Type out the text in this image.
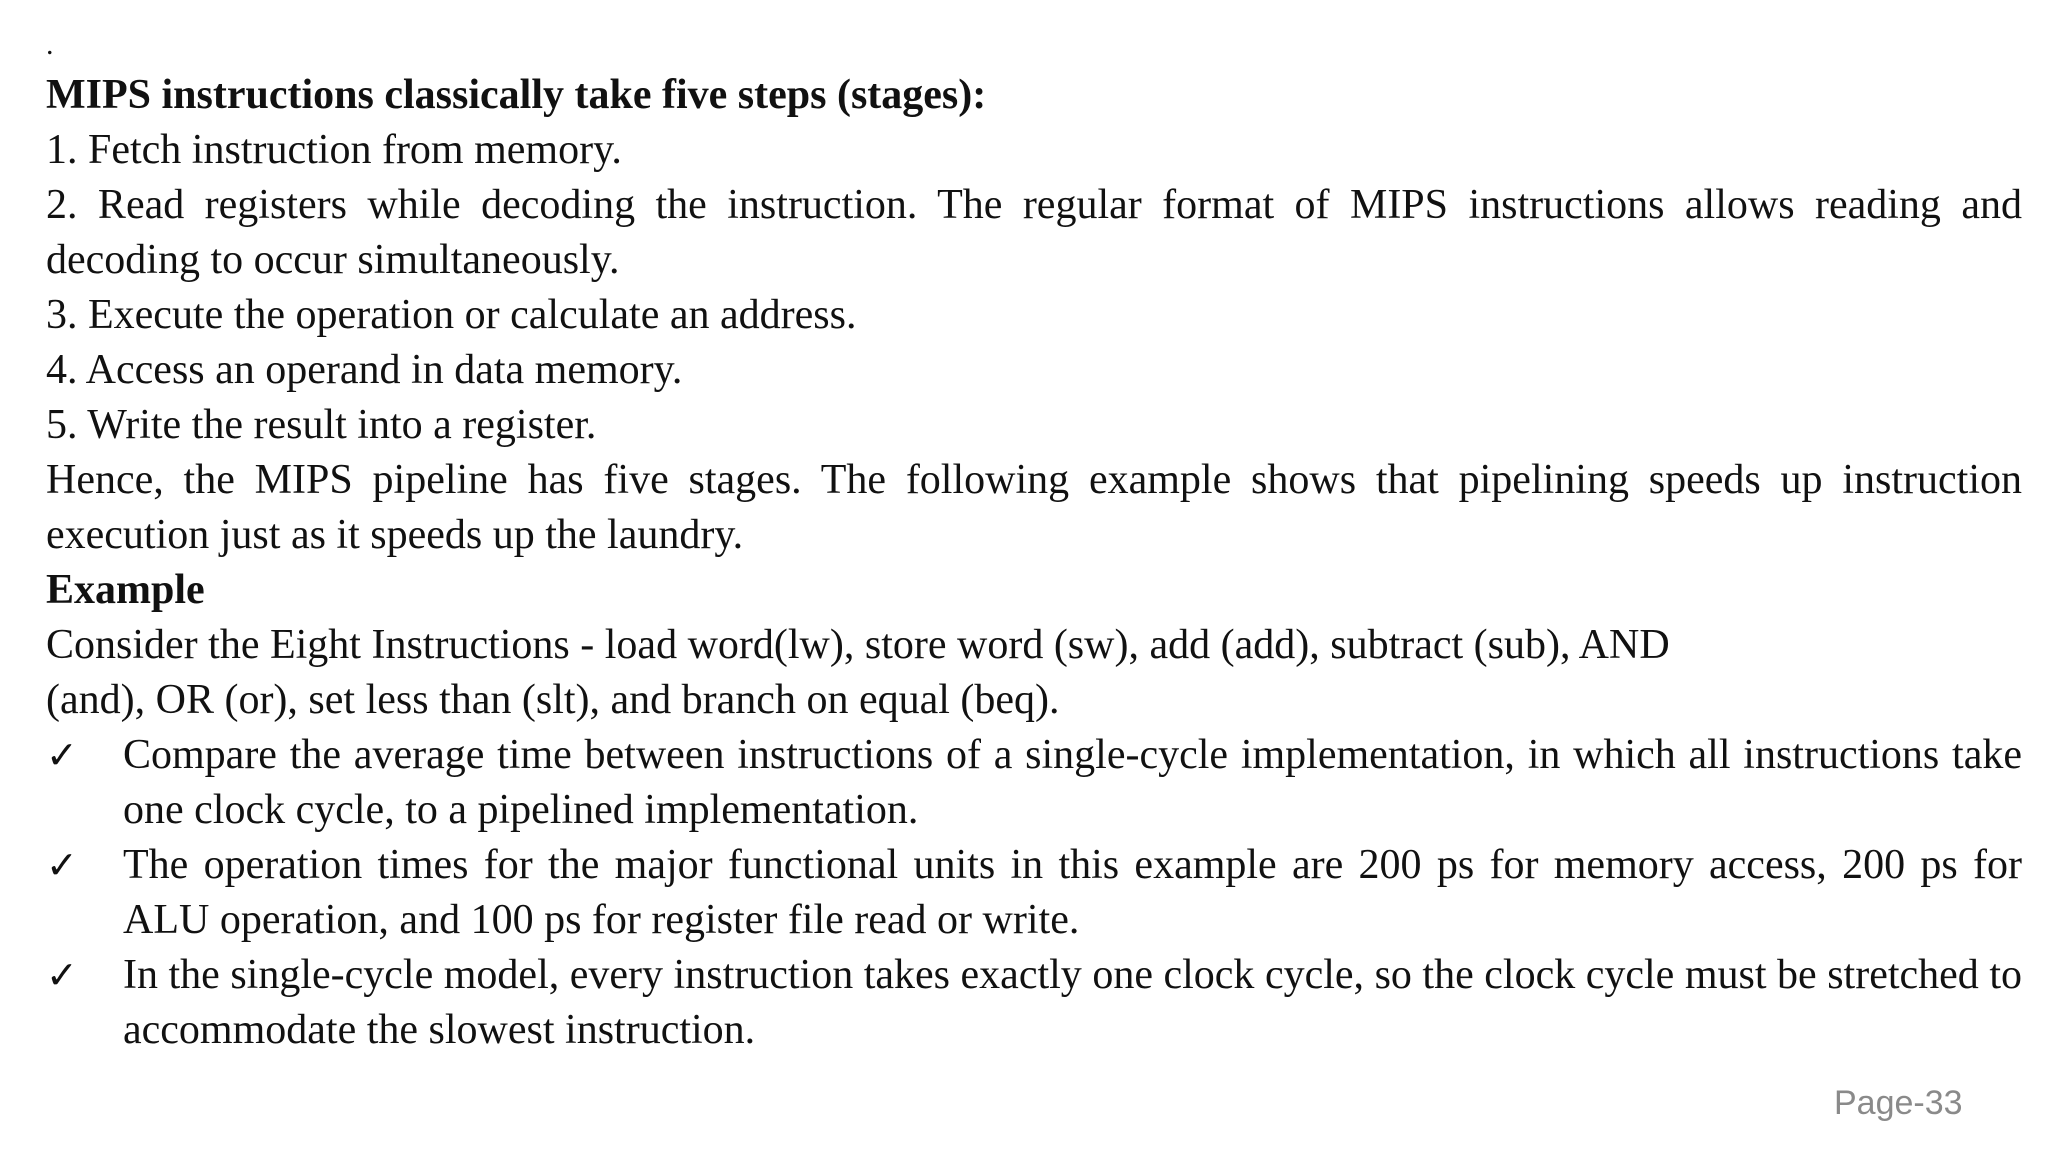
.
MIPS instructions classically take five steps (stages):
1. Fetch instruction from memory.
2. Read registers while decoding the instruction. The regular format of MIPS instructions allows reading and decoding to occur simultaneously.
3. Execute the operation or calculate an address.
4. Access an operand in data memory.
5. Write the result into a register.
Hence, the MIPS pipeline has five stages. The following example shows that pipelining speeds up instruction execution just as it speeds up the laundry.
Example
Consider the Eight Instructions - load word(lw), store word (sw), add (add), subtract (sub), AND
(and), OR (or), set less than (slt), and branch on equal (beq).
✓ Compare the average time between instructions of a single-cycle implementation, in which all instructions take one clock cycle, to a pipelined implementation.
✓ The operation times for the major functional units in this example are 200 ps for memory access, 200 ps for ALU operation, and 100 ps for register file read or write.
✓ In the single-cycle model, every instruction takes exactly one clock cycle, so the clock cycle must be stretched to accommodate the slowest instruction.
Page-33
